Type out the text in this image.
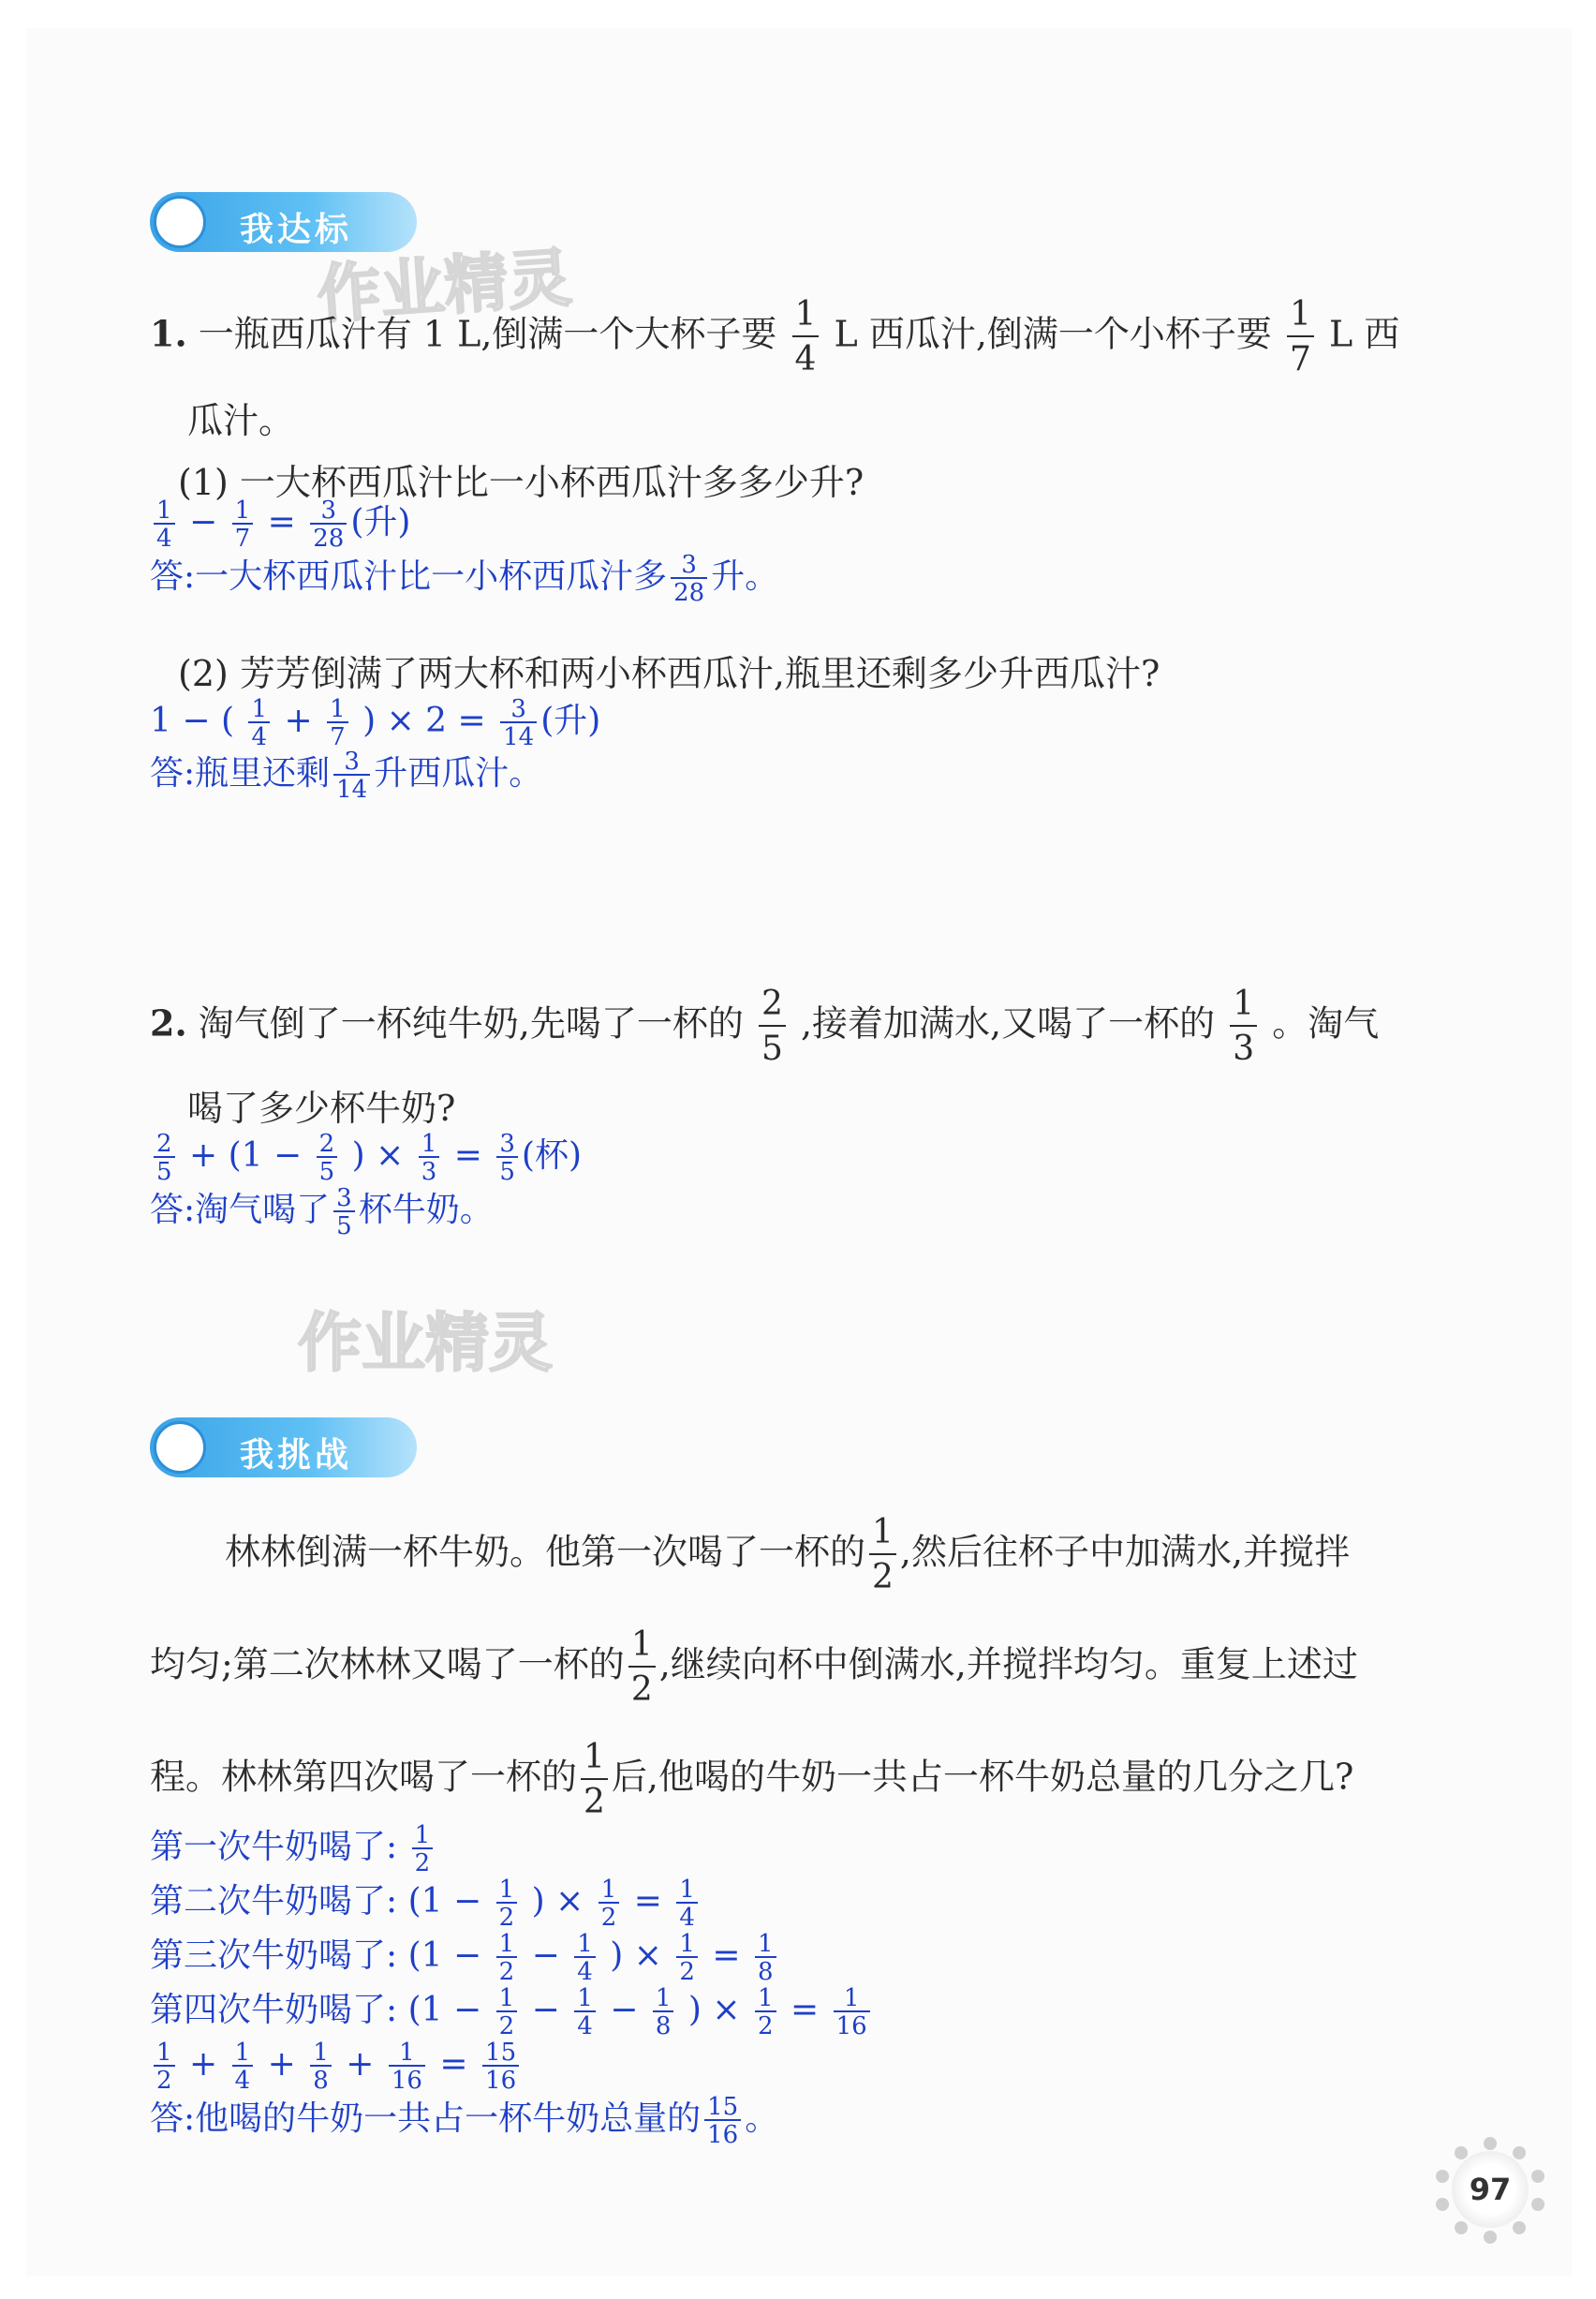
我达标
作业精灵
1. 一瓶西瓜汁有 1 L,倒满一个大杯子要 $\frac{1}{4}$ L 西瓜汁,倒满一个小杯子要 $\frac{1}{7}$ L 西
瓜汁。
(1) 一大杯西瓜汁比一小杯西瓜汁多多少升?
$\frac{1}{4} - \frac{1}{7} = \frac{3}{28}$ (升)
答:一大杯西瓜汁比一小杯西瓜汁多 $\frac{3}{28}$ 升。
(2) 芳芳倒满了两大杯和两小杯西瓜汁,瓶里还剩多少升西瓜汁?
1 − ( $\frac{1}{4} + \frac{1}{7}$ ) × $2 = \frac{3}{14}$ (升)
答:瓶里还剩 $\frac{3}{14}$ 升西瓜汁。
2. 淘气倒了一杯纯牛奶,先喝了一杯的 $\frac{2}{5}$ ,接着加满水,又喝了一杯的 $\frac{1}{3}$ 。淘气
喝了多少杯牛奶?
$\frac{2}{5} + (1 - \frac{2}{5}$ ) × $\frac{1}{3} = \frac{3}{5}$ (杯)
答:淘气喝了 $\frac{3}{5}$ 杯牛奶。
作业精灵
我挑战
林林倒满一杯牛奶。他第一次喝了一杯的 $\frac{1}{2}$ ,然后往杯子中加满水,并搅拌
均匀;第二次林林又喝了一杯的 $\frac{1}{2}$ ,继续向杯中倒满水,并搅拌均匀。重复上述过
程。林林第四次喝了一杯的 $\frac{1}{2}$ 后,他喝的牛奶一共占一杯牛奶总量的几分之几?
第一次牛奶喝了: $\frac{1}{2}$
第二次牛奶喝了: ($1 - \frac{1}{2}$ ) × $\frac{1}{2} = \frac{1}{4}$
第三次牛奶喝了: ($1 - \frac{1}{2} - \frac{1}{4}$ ) × $\frac{1}{2} = \frac{1}{8}$
第四次牛奶喝了: ($1 - \frac{1}{2} - \frac{1}{4} - \frac{1}{8}$ ) × $\frac{1}{2} = \frac{1}{16}$
$\frac{1}{2} + \frac{1}{4} + \frac{1}{8} + \frac{1}{16} = \frac{15}{16}$
答:他喝的牛奶一共占一杯牛奶总量的 $\frac{15}{16}$ 。
97
